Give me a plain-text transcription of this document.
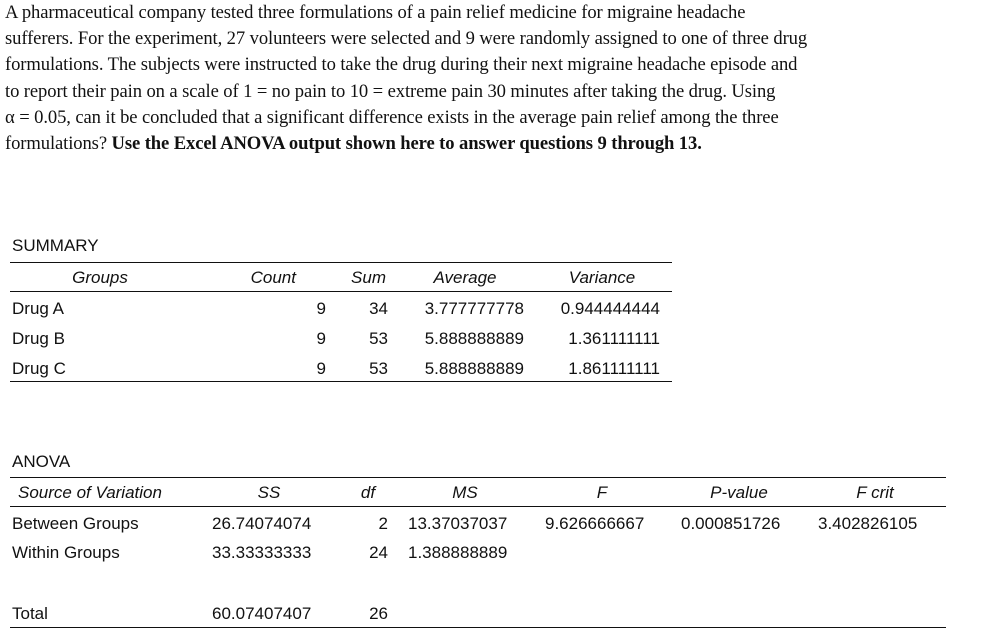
A pharmaceutical company tested three formulations of a pain relief medicine for migraine headache
sufferers. For the experiment, 27 volunteers were selected and 9 were randomly assigned to one of three drug
formulations. The subjects were instructed to take the drug during their next migraine headache episode and
to report their pain on a scale of 1 = no pain to 10 = extreme pain 30 minutes after taking the drug. Using
α = 0.05, can it be concluded that a significant difference exists in the average pain relief among the three
formulations? Use the Excel ANOVA output shown here to answer questions 9 through 13.
SUMMARY
Groups	Count	Sum	Average	Variance
Drug A	9	34	3.777777778	0.944444444
Drug B	9	53	5.888888889	1.361111111
Drug C	9	53	5.888888889	1.861111111
ANOVA
Source of Variation	SS	df	MS	F	P-value	F crit
Between Groups	26.74074074	2 13.37037037 9.626666667 0.000851726 3.402826105
Within Groups	33.33333333	24 1.388888889
Total	60.07407407	26
